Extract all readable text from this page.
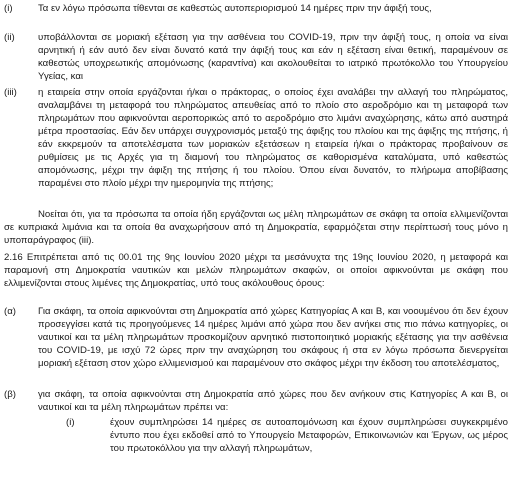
(i)	Τα εν λόγω πρόσωπα τίθενται σε καθεστώς αυτοπεριορισμού 14 ημέρες πριν την άφιξή τους,
(ii) υποβάλλονται σε μοριακή εξέταση για την ασθένεια του COVID-19, πριν την άφιξή τους, η οποία να είναι αρνητική ή εάν αυτό δεν είναι δυνατό κατά την άφιξή τους και εάν η εξέταση είναι θετική, παραμένουν σε καθεστώς υποχρεωτικής απομόνωσης (καραντίνα) και ακολουθείται το ιατρικό πρωτόκολλο του Υπουργείου Υγείας, και
(iii) η εταιρεία στην οποία εργάζονται ή/και ο πράκτορας, ο οποίος έχει αναλάβει την αλλαγή του πληρώματος, αναλαμβάνει τη μεταφορά του πληρώματος απευθείας από το πλοίο στο αεροδρόμιο και τη μεταφορά των πληρωμάτων που αφικνούνται αεροπορικώς από το αεροδρόμιο στο λιμάνι αναχώρησης, κάτω από αυστηρά μέτρα προστασίας. Εάν δεν υπάρχει συγχρονισμός μεταξύ της άφιξης του πλοίου και της άφιξης της πτήσης, ή εάν εκκρεμούν τα αποτελέσματα των μοριακών εξετάσεων η εταιρεία ή/και ο πράκτορας προβαίνουν σε ρυθμίσεις με τις Αρχές για τη διαμονή του πληρώματος σε καθορισμένα καταλύματα, υπό καθεστώς απομόνωσης, μέχρι την άφιξη της πτήσης ή του πλοίου. Όπου είναι δυνατόν, το πλήρωμα αποβίβασης παραμένει στο πλοίο μέχρι την ημερομηνία της πτήσης;
Νοείται ότι, για τα πρόσωπα τα οποία ήδη εργάζονται ως μέλη πληρωμάτων σε σκάφη τα οποία ελλιμενίζονται σε κυπριακά λιμάνια και τα οποία θα αναχωρήσουν από τη Δημοκρατία, εφαρμόζεται στην περίπτωσή τους μόνο η υποπαράγραφος (iii).
2.16 Επιτρέπεται από τις 00.01 της 9ης Ιουνίου 2020 μέχρι τα μεσάνυχτα της 19ης Ιουνίου 2020, η μεταφορά και παραμονή στη Δημοκρατία ναυτικών και μελών πληρωμάτων σκαφών, οι οποίοι αφικνούνται με σκάφη που ελλιμενίζονται στους λιμένες της Δημοκρατίας, υπό τους ακόλουθους όρους:
(α) Για σκάφη, τα οποία αφικνούνται στη Δημοκρατία από χώρες Κατηγορίας Α και Β, και νοουμένου ότι δεν έχουν προσεγγίσει κατά τις προηγούμενες 14 ημέρες λιμάνι από χώρα που δεν ανήκει στις πιο πάνω κατηγορίες, οι ναυτικοί και τα μέλη πληρωμάτων προσκομίζουν αρνητικό πιστοποιητικό μοριακής εξέτασης για την ασθένεια του COVID-19, με ισχύ 72 ώρες πριν την αναχώρηση του σκάφους ή στα εν λόγω πρόσωπα διενεργείται μοριακή εξέταση στον χώρο ελλιμενισμού και παραμένουν στο σκάφος μέχρι την έκδοση του αποτελέσματος,
(β) για σκάφη, τα οποία αφικνούνται στη Δημοκρατία από χώρες που δεν ανήκουν στις Κατηγορίες Α και Β, οι ναυτικοί και τα μέλη πληρωμάτων πρέπει να:
(i)	έχουν συμπληρώσει 14 ημέρες σε αυτοαπομόνωση και έχουν συμπληρώσει συγκεκριμένο έντυπο που έχει εκδοθεί από το Υπουργείο Μεταφορών, Επικοινωνιών και Έργων, ως μέρος του πρωτοκόλλου για την αλλαγή πληρωμάτων,
